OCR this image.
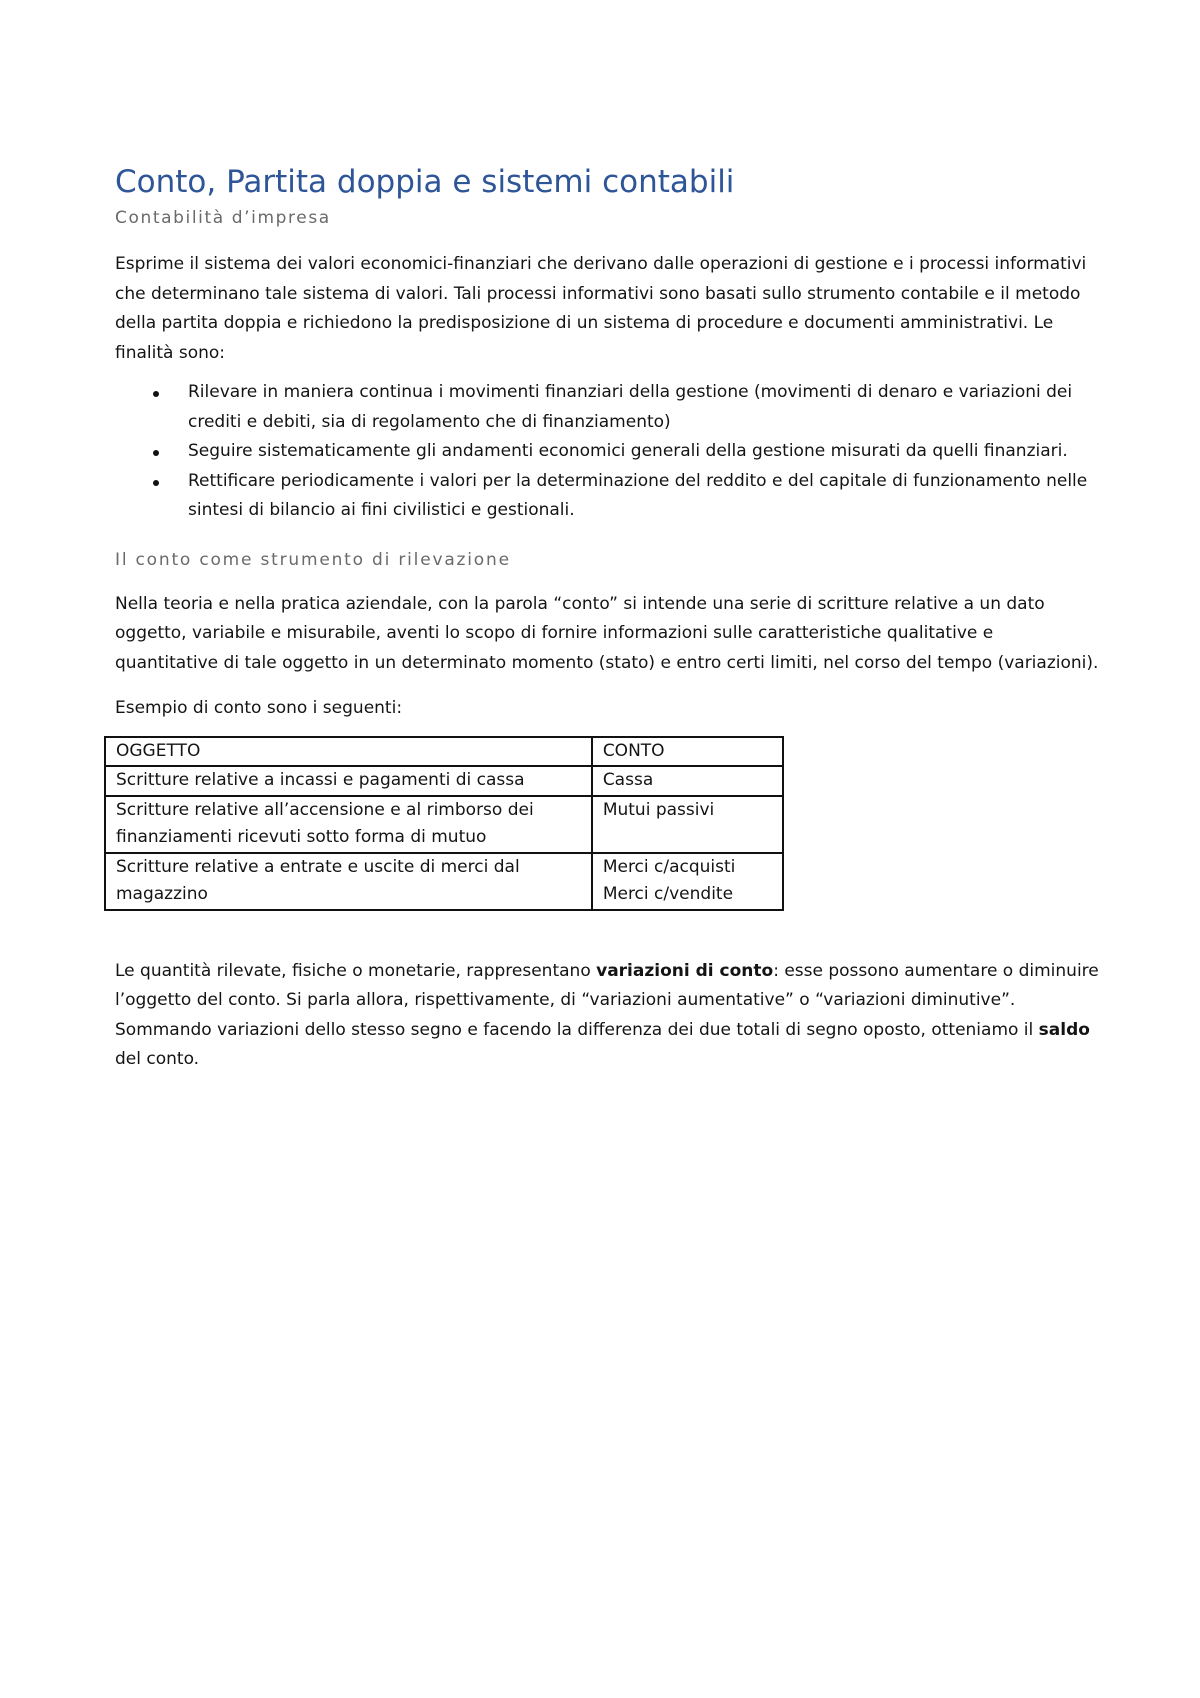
Conto, Partita doppia e sistemi contabili
Contabilità d’impresa

Esprime il sistema dei valori economici-finanziari che derivano dalle operazioni di gestione e i processi informativi che determinano tale sistema di valori. Tali processi informativi sono basati sullo strumento contabile e il metodo della partita doppia e richiedono la predisposizione di un sistema di procedure e documenti amministrativi. Le finalità sono:

Rilevare in maniera continua i movimenti finanziari della gestione (movimenti di denaro e variazioni dei crediti e debiti, sia di regolamento che di finanziamento)
Seguire sistematicamente gli andamenti economici generali della gestione misurati da quelli finanziari.
Rettificare periodicamente i valori per la determinazione del reddito e del capitale di funzionamento nelle sintesi di bilancio ai fini civilistici e gestionali.
Il conto come strumento di rilevazione

Nella teoria e nella pratica aziendale, con la parola “conto” si intende una serie di scritture relative a un dato oggetto, variabile e misurabile, aventi lo scopo di fornire informazioni sulle caratteristiche qualitative e quantitative di tale oggetto in un determinato momento (stato) e entro certi limiti, nel corso del tempo (variazioni).

Esempio di conto sono i seguenti:

OGGETTO	CONTO
Scritture relative a incassi e pagamenti di cassa	Cassa

Scritture relative all’accensione e al rimborso dei finanziamenti ricevuti sotto forma di mutuo	Mutui passivi

Scritture relative a entrate e uscite di merci dal magazzino	Merci c/acquisti
Merci c/vendite

Le quantità rilevate, fisiche o monetarie, rappresentano variazioni di conto: esse possono aumentare o diminuire l’oggetto del conto. Si parla allora, rispettivamente, di “variazioni aumentative” o “variazioni diminutive”. Sommando variazioni dello stesso segno e facendo la differenza dei due totali di segno oposto, otteniamo il saldo del conto.
